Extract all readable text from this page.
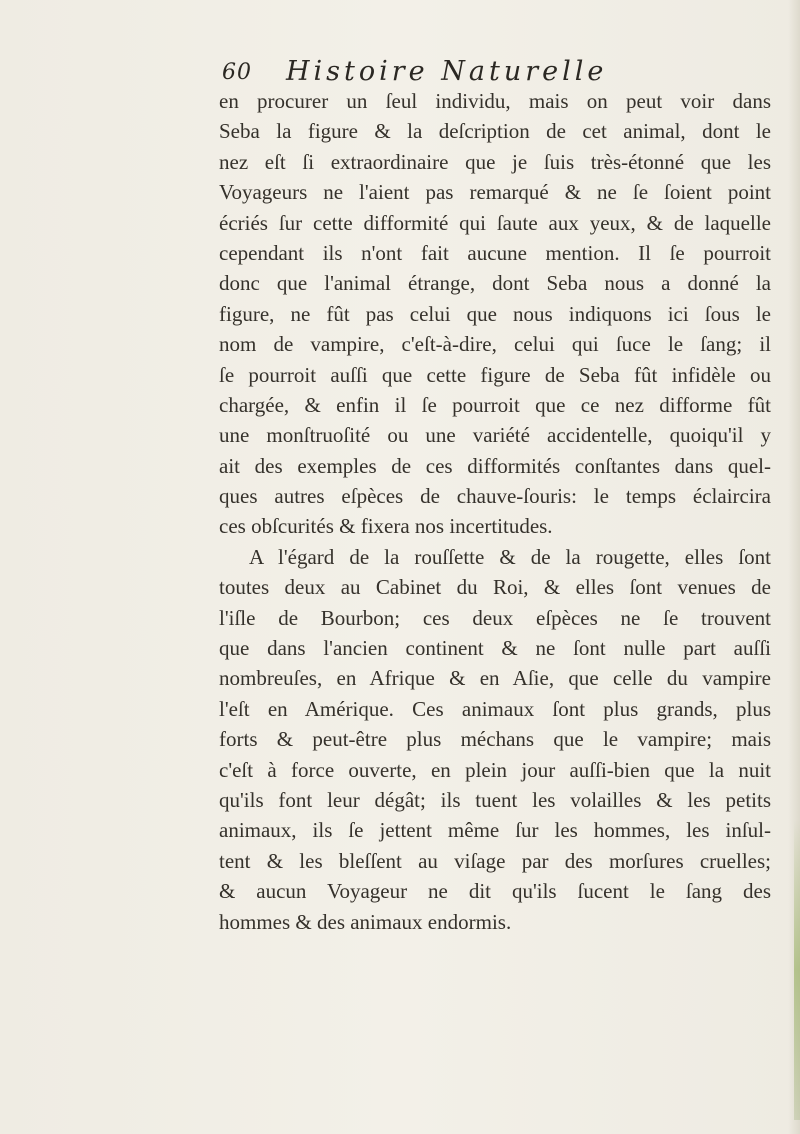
60 Histoire Naturelle
en procurer un ſeul individu, mais on peut voir dans
Seba la figure & la deſcription de cet animal, dont le
nez eſt ſi extraordinaire que je ſuis très-étonné que les
Voyageurs ne l'aient pas remarqué & ne ſe ſoient point
écriés ſur cette difformité qui ſaute aux yeux, & de laquelle
cependant ils n'ont fait aucune mention. Il ſe pourroit
donc que l'animal étrange, dont Seba nous a donné la
figure, ne fût pas celui que nous indiquons ici ſous le
nom de vampire, c'eſt-à-dire, celui qui ſuce le ſang; il
ſe pourroit auſſi que cette figure de Seba fût infidèle ou
chargée, & enfin il ſe pourroit que ce nez difforme fût
une monſtruoſité ou une variété accidentelle, quoiqu'il y
ait des exemples de ces difformités conſtantes dans quel-
ques autres eſpèces de chauve-ſouris: le temps éclaircira
ces obſcurités & fixera nos incertitudes.
A l'égard de la rouſſette & de la rougette, elles ſont
toutes deux au Cabinet du Roi, & elles ſont venues de
l'iſle de Bourbon; ces deux eſpèces ne ſe trouvent
que dans l'ancien continent & ne ſont nulle part auſſi
nombreuſes, en Afrique & en Aſie, que celle du vampire
l'eſt en Amérique. Ces animaux ſont plus grands, plus
forts & peut-être plus méchans que le vampire; mais
c'eſt à force ouverte, en plein jour auſſi-bien que la nuit
qu'ils font leur dégât; ils tuent les volailles & les petits
animaux, ils ſe jettent même ſur les hommes, les inſul-
tent & les bleſſent au viſage par des morſures cruelles;
& aucun Voyageur ne dit qu'ils ſucent le ſang des
hommes & des animaux endormis.
